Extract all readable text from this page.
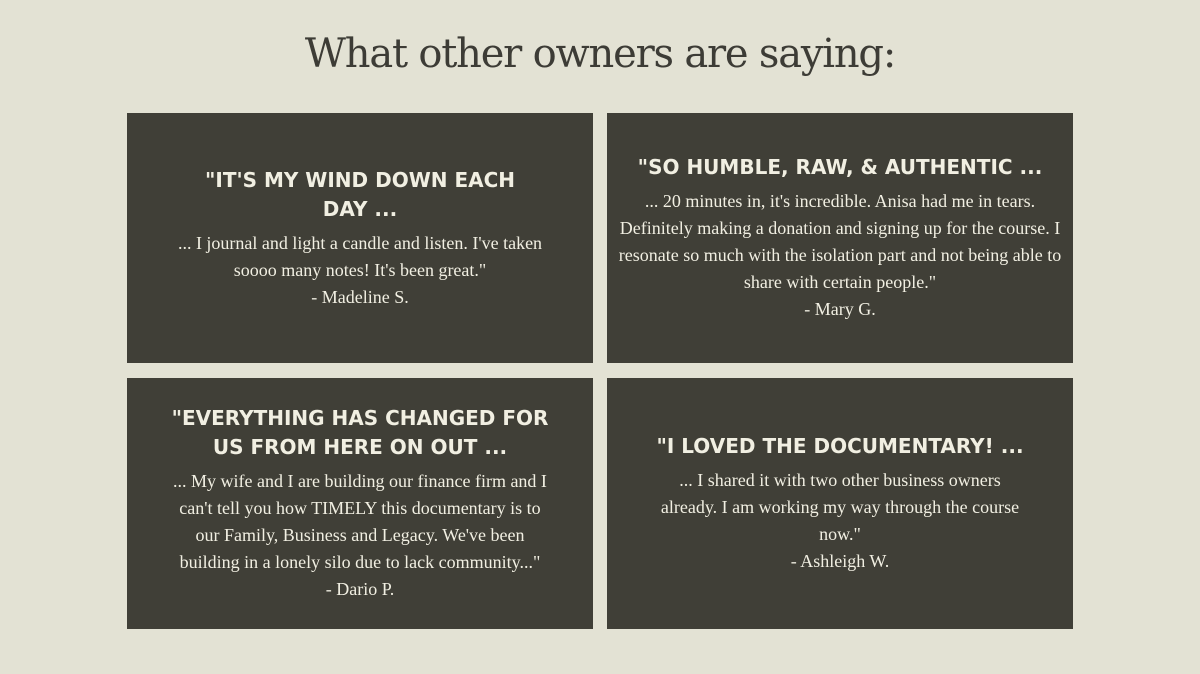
What other owners are saying:

"IT'S MY WIND DOWN EACH DAY ...

... I journal and light a candle and listen. I've taken soooo many notes! It's been great."

- Madeline S.

"SO HUMBLE, RAW, & AUTHENTIC ...

... 20 minutes in, it's incredible. Anisa had me in tears. Definitely making a donation and signing up for the course. I resonate so much with the isolation part and not being able to share with certain people."

- Mary G.

"EVERYTHING HAS CHANGED FOR US FROM HERE ON OUT ...

... My wife and I are building our finance firm and I can't tell you how TIMELY this documentary is to our Family, Business and Legacy. We've been building in a lonely silo due to lack community..."

- Dario P.

"I LOVED THE DOCUMENTARY! ...

... I shared it with two other business owners already. I am working my way through the course now."

- Ashleigh W.
